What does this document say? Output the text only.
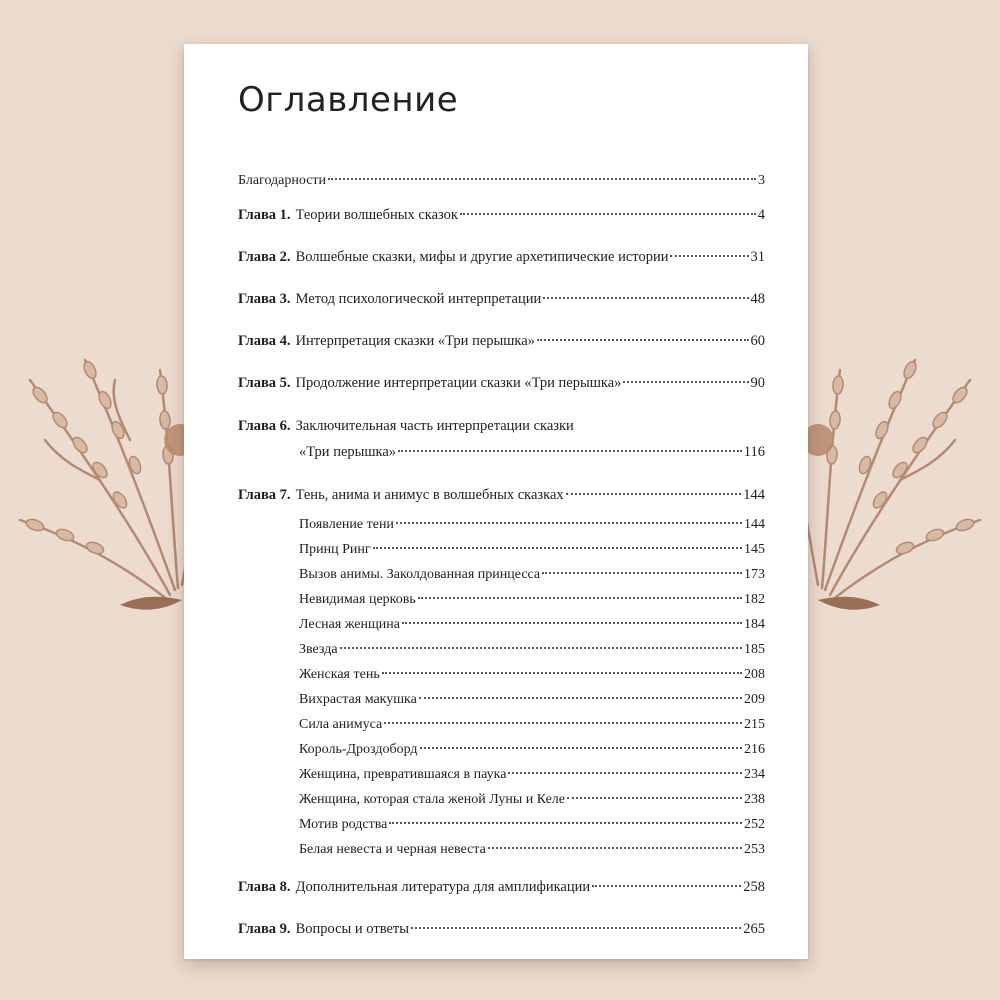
Оглавление
Благодарности	3
Глава 1. Теории волшебных сказок	4
Глава 2. Волшебные сказки, мифы и другие архетипические истории	31
Глава 3. Метод психологической интерпретации	48
Глава 4. Интерпретация сказки «Три перышка»	60
Глава 5. Продолжение интерпретации сказки «Три перышка»	90
Глава 6. Заключительная часть интерпретации сказки
«Три перышка»	116
Глава 7. Тень, анима и анимус в волшебных сказках	144
Появление тени	144
Принц Ринг	145
Вызов анимы. Заколдованная принцесса	173
Невидимая церковь	182
Лесная женщина	184
Звезда	185
Женская тень	208
Вихрастая макушка	209
Сила анимуса	215
Король-Дроздоборд	216
Женщина, превратившаяся в паука	234
Женщина, которая стала женой Луны и Келе	238
Мотив родства	252
Белая невеста и черная невеста	253
Глава 8. Дополнительная литература для амплификации	258
Глава 9. Вопросы и ответы	265
